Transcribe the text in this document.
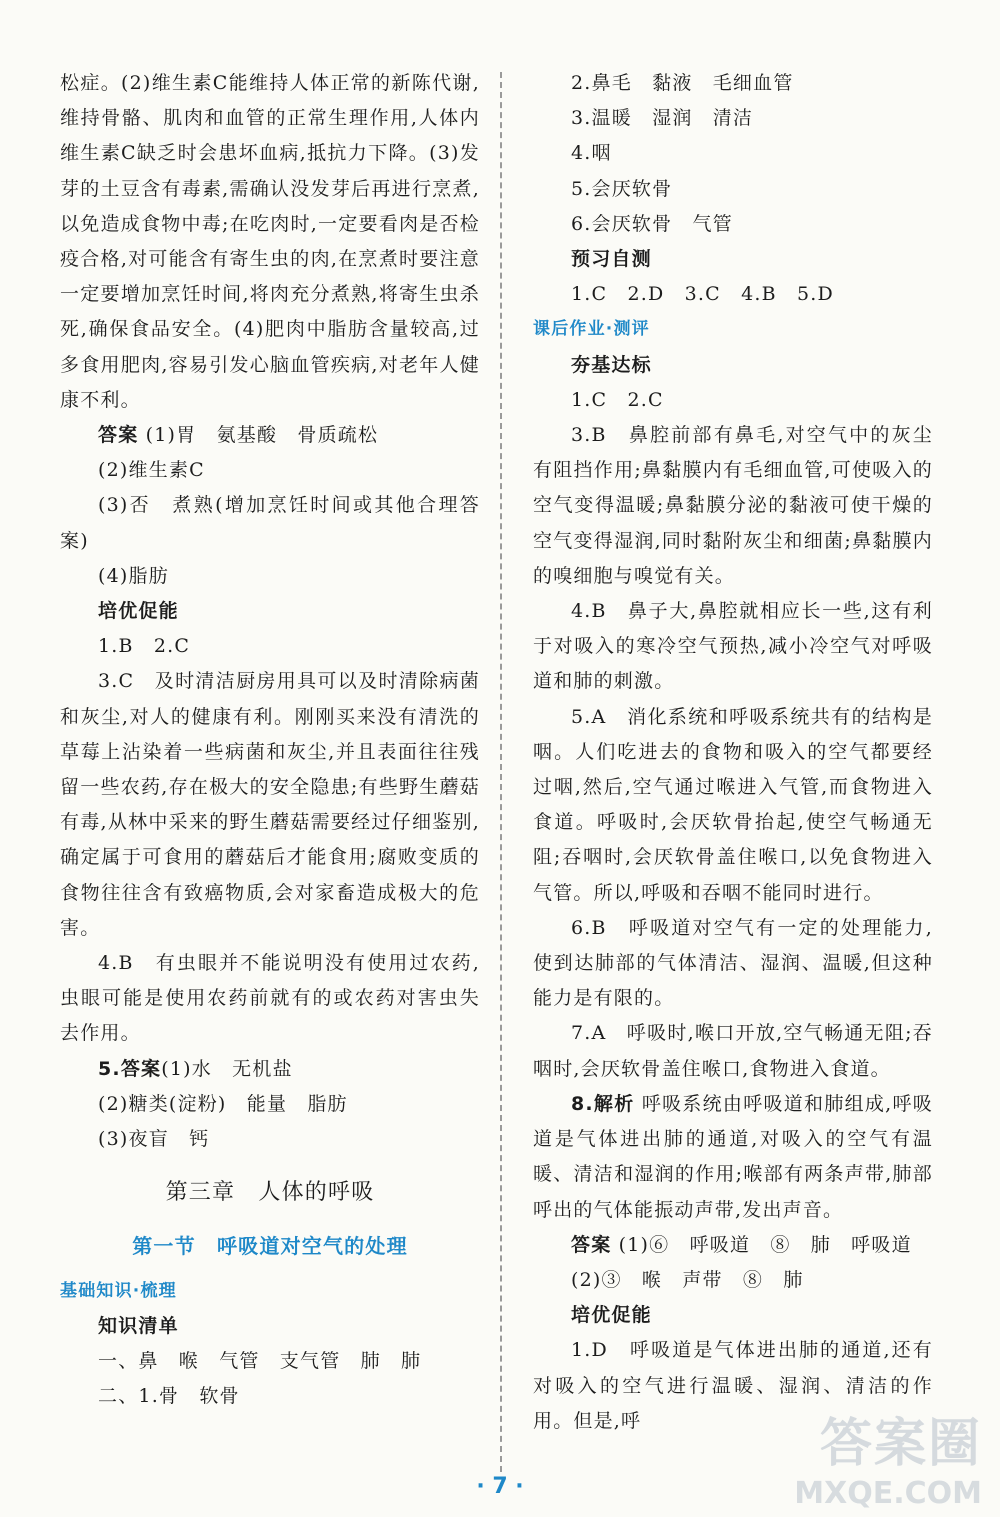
松症。(2)维生素C能维持人体正常的新陈代谢,维持骨骼、肌肉和血管的正常生理作用,人体内维生素C缺乏时会患坏血病,抵抗力下降。(3)发芽的土豆含有毒素,需确认没发芽后再进行烹煮,以免造成食物中毒;在吃肉时,一定要看肉是否检疫合格,对可能含有寄生虫的肉,在烹煮时要注意一定要增加烹饪时间,将肉充分煮熟,将寄生虫杀死,确保食品安全。(4)肥肉中脂肪含量较高,过多食用肥肉,容易引发心脑血管疾病,对老年人健康不利。

答案 (1)胃　氨基酸　骨质疏松

(2)维生素C

(3)否　煮熟(增加烹饪时间或其他合理答案)

(4)脂肪

培优促能

1.B　2.C

3.C　及时清洁厨房用具可以及时清除病菌和灰尘,对人的健康有利。刚刚买来没有清洗的草莓上沾染着一些病菌和灰尘,并且表面往往残留一些农药,存在极大的安全隐患;有些野生蘑菇有毒,从林中采来的野生蘑菇需要经过仔细鉴别,确定属于可食用的蘑菇后才能食用;腐败变质的食物往往含有致癌物质,会对家畜造成极大的危害。

4.B　有虫眼并不能说明没有使用过农药,虫眼可能是使用农药前就有的或农药对害虫失去作用。

5.答案(1)水　无机盐

(2)糖类(淀粉)　能量　脂肪

(3)夜盲　钙

第三章　人体的呼吸
第一节　呼吸道对空气的处理
基础知识·梳理

知识清单

一、鼻　喉　气管　支气管　肺　肺

二、1.骨　软骨

2.鼻毛　黏液　毛细血管

3.温暖　湿润　清洁

4.咽

5.会厌软骨

6.会厌软骨　气管

预习自测

1.C　2.D　3.C　4.B　5.D

课后作业·测评

夯基达标

1.C　2.C

3.B　鼻腔前部有鼻毛,对空气中的灰尘有阻挡作用;鼻黏膜内有毛细血管,可使吸入的空气变得温暖;鼻黏膜分泌的黏液可使干燥的空气变得湿润,同时黏附灰尘和细菌;鼻黏膜内的嗅细胞与嗅觉有关。

4.B　鼻子大,鼻腔就相应长一些,这有利于对吸入的寒冷空气预热,减小冷空气对呼吸道和肺的刺激。

5.A　消化系统和呼吸系统共有的结构是咽。人们吃进去的食物和吸入的空气都要经过咽,然后,空气通过喉进入气管,而食物进入食道。呼吸时,会厌软骨抬起,使空气畅通无阻;吞咽时,会厌软骨盖住喉口,以免食物进入气管。所以,呼吸和吞咽不能同时进行。

6.B　呼吸道对空气有一定的处理能力,使到达肺部的气体清洁、湿润、温暖,但这种能力是有限的。

7.A　呼吸时,喉口开放,空气畅通无阻;吞咽时,会厌软骨盖住喉口,食物进入食道。

8.解析 呼吸系统由呼吸道和肺组成,呼吸道是气体进出肺的通道,对吸入的空气有温暖、清洁和湿润的作用;喉部有两条声带,肺部呼出的气体能振动声带,发出声音。

答案 (1)⑥　呼吸道　⑧　肺　呼吸道

(2)③　喉　声带　⑧　肺

培优促能

1.D　呼吸道是气体进出肺的通道,还有对吸入的空气进行温暖、湿润、清洁的作用。但是,呼

· 7 ·
答案圈
MXQE.COM
